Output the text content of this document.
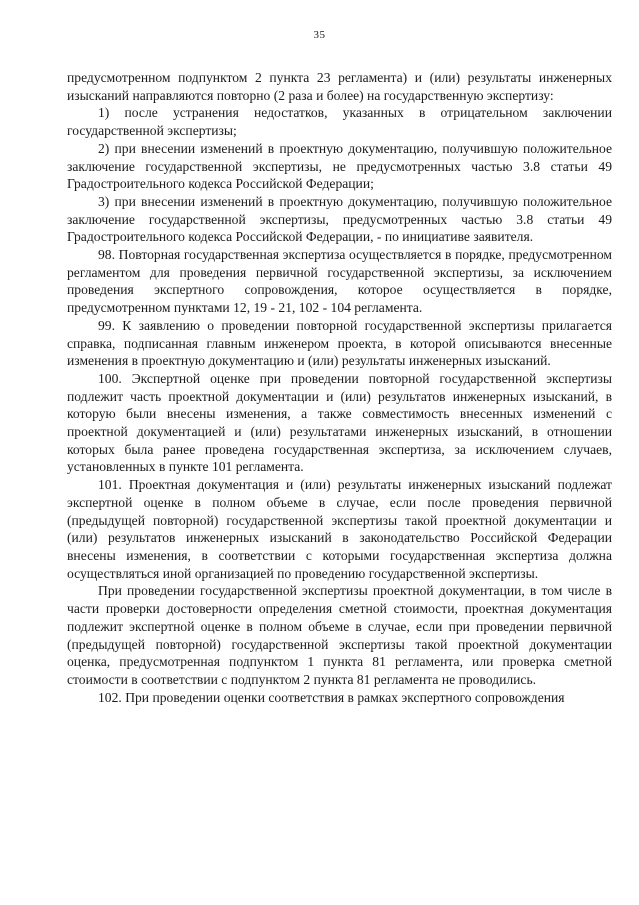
35

предусмотренном подпунктом 2 пункта 23 регламента) и (или) результаты инженерных изысканий направляются повторно (2 раза и более) на государственную экспертизу:

1) после устранения недостатков, указанных в отрицательном заключении государственной экспертизы;

2) при внесении изменений в проектную документацию, получившую положительное заключение государственной экспертизы, не предусмотренных частью 3.8 статьи 49 Градостроительного кодекса Российской Федерации;

3) при внесении изменений в проектную документацию, получившую положительное заключение государственной экспертизы, предусмотренных частью 3.8 статьи 49 Градостроительного кодекса Российской Федерации, - по инициативе заявителя.

98. Повторная государственная экспертиза осуществляется в порядке, предусмотренном регламентом для проведения первичной государственной экспертизы, за исключением проведения экспертного сопровождения, которое осуществляется в порядке, предусмотренном пунктами 12, 19 - 21, 102 - 104 регламента.

99. К заявлению о проведении повторной государственной экспертизы прилагается справка, подписанная главным инженером проекта, в которой описываются внесенные изменения в проектную документацию и (или) результаты инженерных изысканий.

100. Экспертной оценке при проведении повторной государственной экспертизы подлежит часть проектной документации и (или) результатов инженерных изысканий, в которую были внесены изменения, а также совместимость внесенных изменений с проектной документацией и (или) результатами инженерных изысканий, в отношении которых была ранее проведена государственная экспертиза, за исключением случаев, установленных в пункте 101 регламента.

101. Проектная документация и (или) результаты инженерных изысканий подлежат экспертной оценке в полном объеме в случае, если после проведения первичной (предыдущей повторной) государственной экспертизы такой проектной документации и (или) результатов инженерных изысканий в законодательство Российской Федерации внесены изменения, в соответствии с которыми государственная экспертиза должна осуществляться иной организацией по проведению государственной экспертизы.

При проведении государственной экспертизы проектной документации, в том числе в части проверки достоверности определения сметной стоимости, проектная документация подлежит экспертной оценке в полном объеме в случае, если при проведении первичной (предыдущей повторной) государственной экспертизы такой проектной документации оценка, предусмотренная подпунктом 1 пункта 81 регламента, или проверка сметной стоимости в соответствии с подпунктом 2 пункта 81 регламента не проводились.

102. При проведении оценки соответствия в рамках экспертного сопровождения
